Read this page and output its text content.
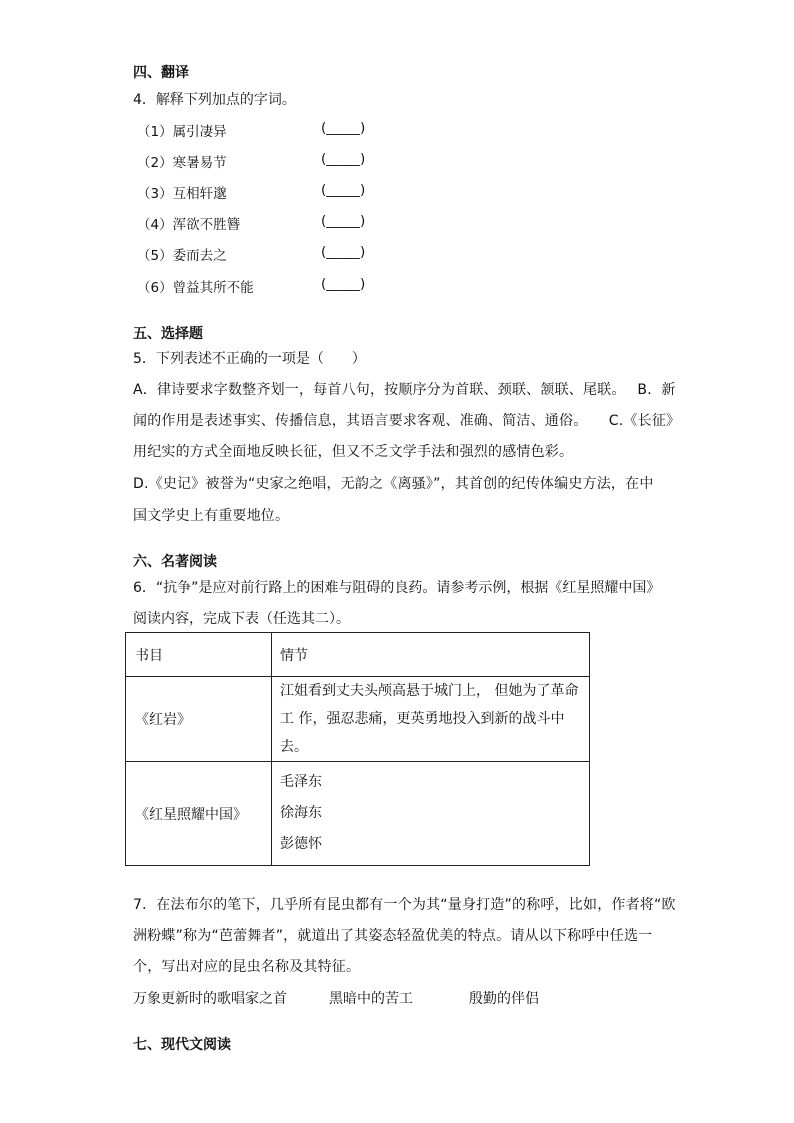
四、翻译
4．解释下列加点的字词。
（1）属引凄异	(_____)
（2）寒暑易节	(_____)
（3）互相轩邈	(_____)
（4）浑欲不胜簪	(_____)
（5）委而去之	(_____)
（6）曾益其所不能	(_____)
五、选择题
5．下列表述不正确的一项是（　　）
A．律诗要求字数整齐划一，每首八句，按顺序分为首联、颈联、颔联、尾联。　 B．新
闻的作用是表述事实、传播信息，其语言要求客观、准确、简洁、通俗。　　C.《长征》
用纪实的方式全面地反映长征，但又不乏文学手法和强烈的感情色彩。
D.《史记》被誉为“史家之绝唱，无韵之《离骚》”，其首创的纪传体编史方法，在中
国文学史上有重要地位。
六、名著阅读
6．“抗争”是应对前行路上的困难与阻碍的良药。请参考示例，根据《红星照耀中国》
阅读内容，完成下表（任选其二）。
书目	情节
《红岩》	江姐看到丈夫头颅高悬于城门上， 但她为了革命
工 作，强忍悲痛，更英勇地投入到新的战斗中去。

《红星照耀中国》	毛泽东
徐海东
彭德怀
7．在法布尔的笔下，几乎所有昆虫都有一个为其“量身打造”的称呼，比如，作者将“欧
洲粉蝶”称为“芭蕾舞者”，就道出了其姿态轻盈优美的特点。请从以下称呼中任选一
个，写出对应的昆虫名称及其特征。
万象更新时的歌唱家之首	黑暗中的苦工	殷勤的伴侣
七、现代文阅读
